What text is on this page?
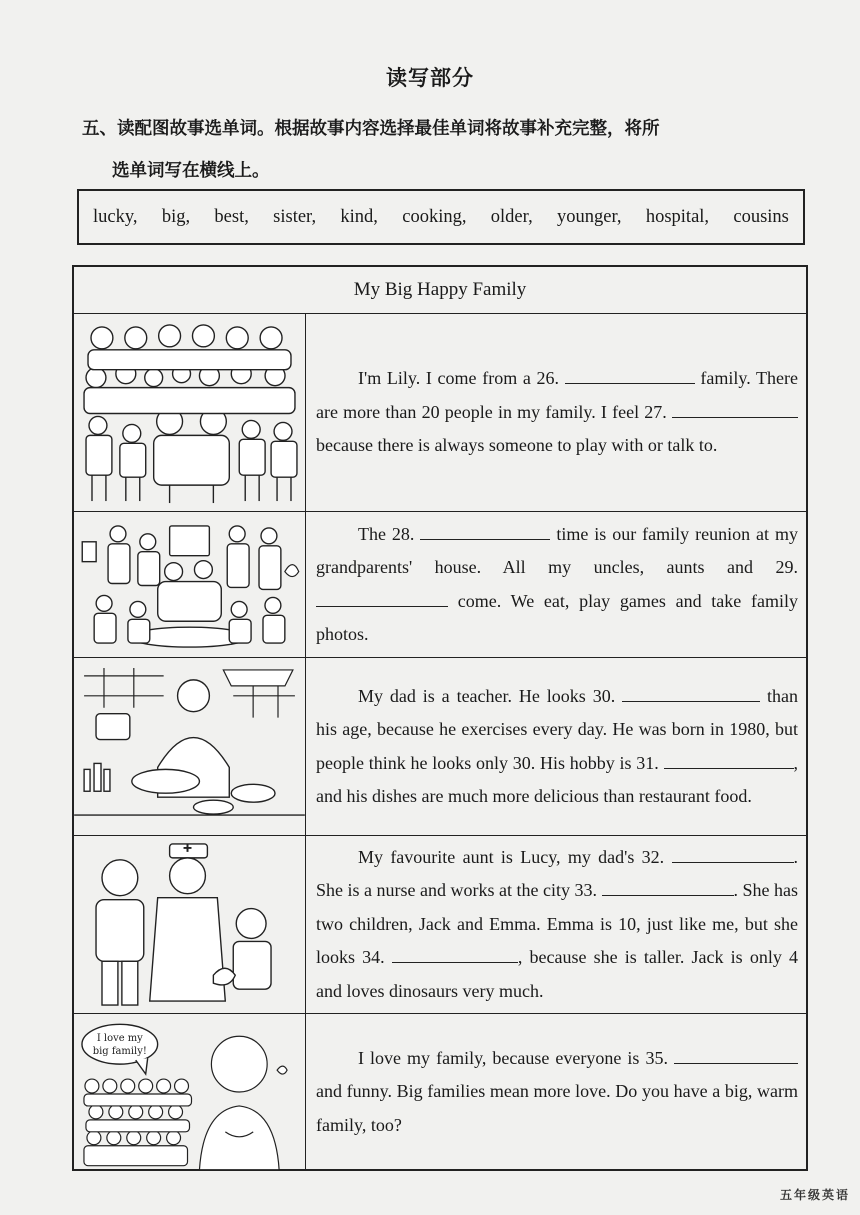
读写部分
五、读配图故事选单词。根据故事内容选择最佳单词将故事补充完整，将所
选单词写在横线上。
lucky, big, best, sister, kind, cooking, older, younger, hospital, cousins
My Big Happy Family

I'm Lily. I come from a 26.	family. There are more than 20 people in my family. I feel 27.  because there is always someone to play with or talk to.

The 28.	time is our family reunion at my grandparents' house. All my uncles, aunts and 29.  come. We eat, play games and take family photos.

My dad is a teacher. He looks 30.	than his age, because he exercises every day. He was born in 1980, but people think he looks only 30. His hobby is 31.	, and his dishes are much more delicious than restaurant food.

My favourite aunt is Lucy, my dad's 32.	. She is a nurse and works at the city 33.	. She has two children, Jack and Emma. Emma is 10, just like me, but she looks 34.	, because she is taller. Jack is only 4 and loves dinosaurs very much.

I love my
big family!	I love my family, because everyone is 35.  and funny. Big families mean more love. Do you have a big, warm family, too?

五年级英语
